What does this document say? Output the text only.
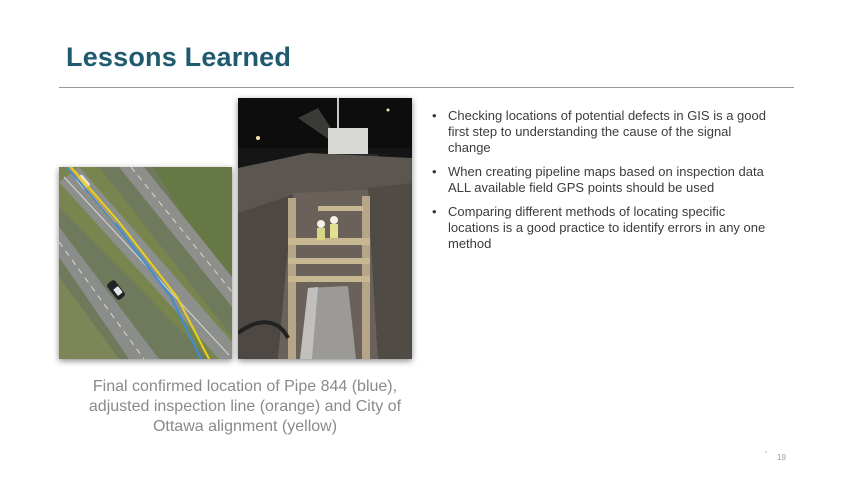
Lessons Learned
Final confirmed location of Pipe 844 (blue), adjusted inspection line (orange) and City of Ottawa alignment (yellow)
• Checking locations of potential defects in GIS is a good first step to understanding the cause of the signal change
• When creating pipeline maps based on inspection data ALL available field GPS points should be used
• Comparing different methods of locating specific locations is a good practice to identify errors in any one method
" 19
